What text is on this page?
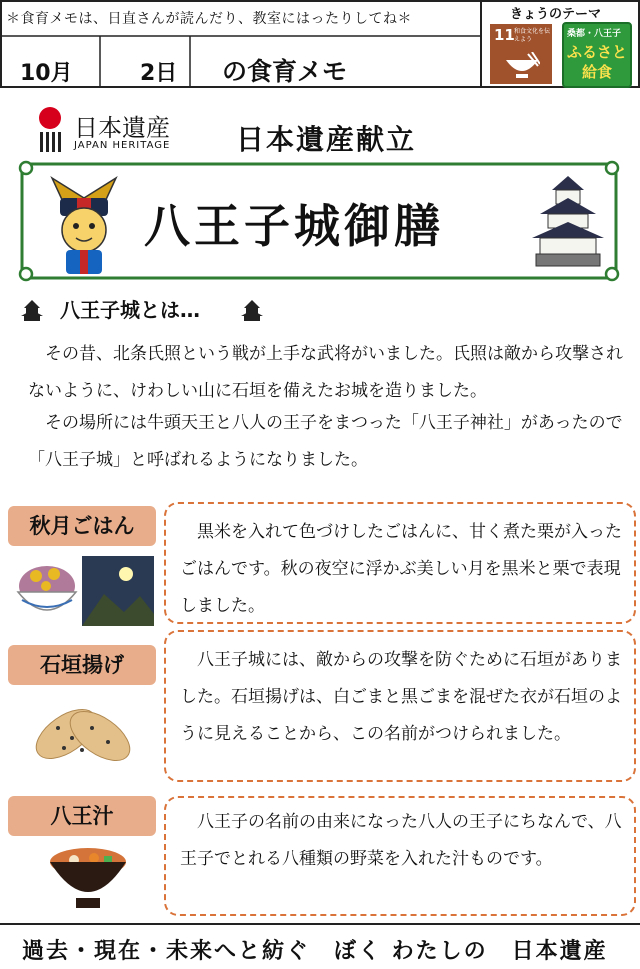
＊食育メモは、日直さんが読んだり、教室にはったりしてね＊
10月	2日 の食育メモ
きょうのテーマ
11 和食文化を伝えよう
桑都・八王子
ふるさと給食
日本遺産
JAPAN HERITAGE 日本遺産献立
八王子城御膳
八王子城とは…
　その昔、北条氏照という戦が上手な武将がいました。氏照は敵から攻撃されないように、けわしい山に石垣を備えたお城を造りました。
　その場所には牛頭天王と八人の王子をまつった「八王子神社」があったので「八王子城」と呼ばれるようになりました。
秋月ごはん	　黒米を入れて色づけしたごはんに、甘く煮た栗が入ったごはんです。秋の夜空に浮かぶ美しい月を黒米と栗で表現しました。
石垣揚げ	　八王子城には、敵からの攻撃を防ぐために石垣がありました。石垣揚げは、白ごまと黒ごまを混ぜた衣が石垣のように見えることから、この名前がつけられました。
八王汁	　八王子の名前の由来になった八人の王子にちなんで、八王子でとれる八種類の野菜を入れた汁ものです。
過去・現在・未来へと紡ぐ　ぼく わたしの　日本遺産
